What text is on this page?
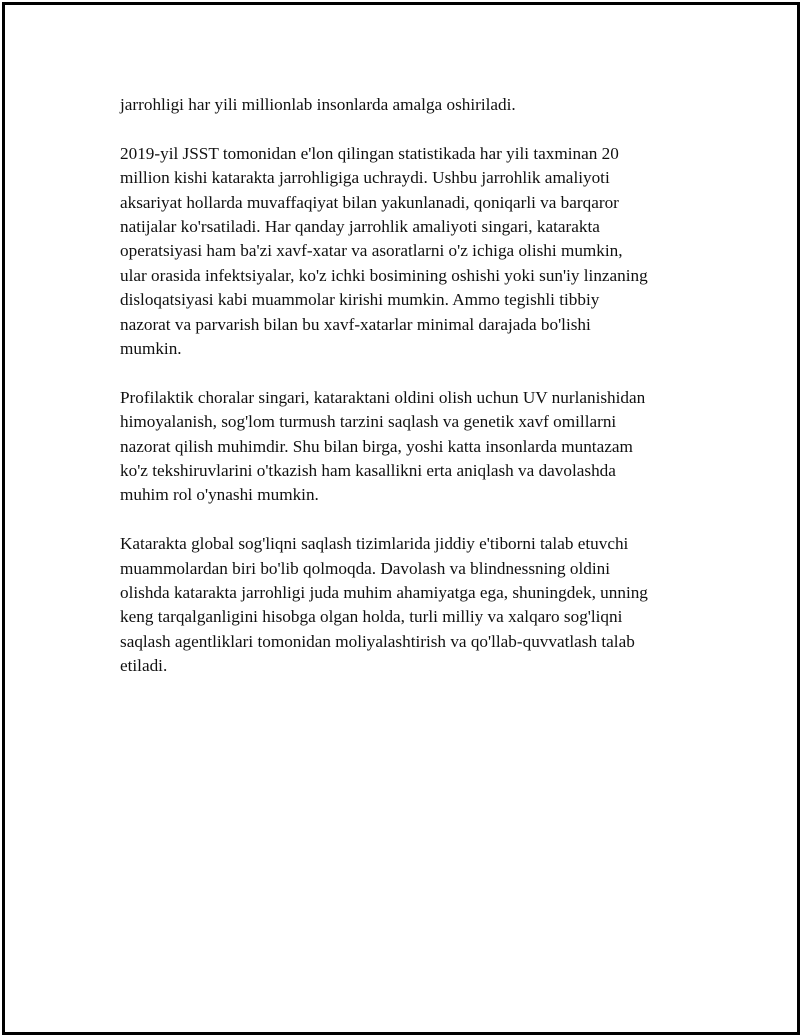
jarrohligi har yili millionlab insonlarda amalga oshiriladi.

2019-yil JSST tomonidan e'lon qilingan statistikada har yili taxminan 20
million kishi katarakta jarrohligiga uchraydi. Ushbu jarrohlik amaliyoti
aksariyat hollarda muvaffaqiyat bilan yakunlanadi, qoniqarli va barqaror
natijalar ko'rsatiladi. Har qanday jarrohlik amaliyoti singari, katarakta
operatsiyasi ham ba'zi xavf-xatar va asoratlarni o'z ichiga olishi mumkin,
ular orasida infektsiyalar, ko'z ichki bosimining oshishi yoki sun'iy linzaning
disloqatsiyasi kabi muammolar kirishi mumkin. Ammo tegishli tibbiy
nazorat va parvarish bilan bu xavf-xatarlar minimal darajada bo'lishi
mumkin.

Profilaktik choralar singari, kataraktani oldini olish uchun UV nurlanishidan
himoyalanish, sog'lom turmush tarzini saqlash va genetik xavf omillarni
nazorat qilish muhimdir. Shu bilan birga, yoshi katta insonlarda muntazam
ko'z tekshiruvlarini o'tkazish ham kasallikni erta aniqlash va davolashda
muhim rol o'ynashi mumkin.

Katarakta global sog'liqni saqlash tizimlarida jiddiy e'tiborni talab etuvchi
muammolardan biri bo'lib qolmoqda. Davolash va blindnessning oldini
olishda katarakta jarrohligi juda muhim ahamiyatga ega, shuningdek, unning
keng tarqalganligini hisobga olgan holda, turli milliy va xalqaro sog'liqni
saqlash agentliklari tomonidan moliyalashtirish va qo'llab-quvvatlash talab
etiladi.
